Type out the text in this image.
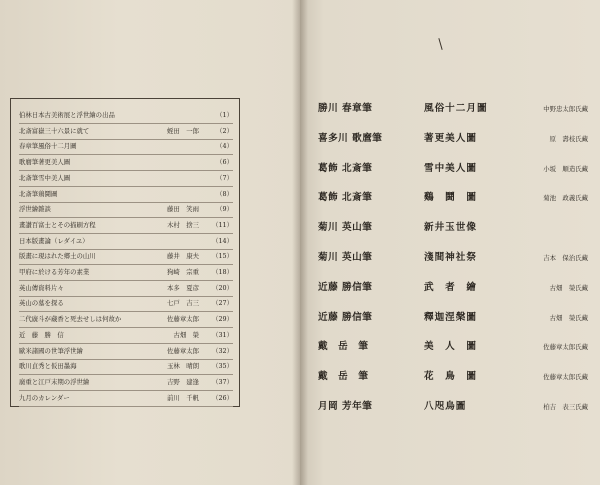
伯林日本古美術展と浮世繪の出品	（1）
北斎富嶽三十六景に就て	蛭田　一郎	（2）
春章筆風俗十二月圖	（4）
歌麿筆著更美人圖	（6）
北斎筆雪中美人圖	（7）
北斎筆鶏鬪圖	（8）
浮世繪雜談	藤田　笑雨	（9）
畫讃百富士とその描刷方程	木村　捨三 （11）
日本版畫論（レダイユ）	（14）
版畫に現はれた郷土の山川	藤井　康夫 （15）
甲府に於ける芳年の素業	狗崎　宗重 （18）
英山傳資料片々	本多　夏彦 （20）
英山の墓を探る	七戸　吉三 （27）
二代廣斗が蔵香と死去せしは何故か	佐藤章太郎 （29）
近　藤　勝　信	古畑　榮 （31）
歐米諸國の世筆浮世繪	佐藤章太郎 （32）
歌川貞秀と仮田墨海	玉林　晴朗 （35）
廣重と江戸末期の浮世繪	吉野　建逢 （37）
九月のカレンダー	前川　千帆 （26）
勝川 春章筆	風俗十二月圖	中野忠太郎氏藏
喜多川 歌麿筆	著更美人圖	原　壽枝氏藏
葛飾 北斎筆	雪中美人圖	小坂　順造氏藏
葛飾 北斎筆	鷄　鬪　圖	菊池　政義氏藏
菊川 英山筆	新井玉世像
菊川 英山筆	淺間神社祭	吉本　保治氏藏
近藤 勝信筆	武　者　繪	古畑　榮氏藏
近藤 勝信筆	釋迦涅槃圖	古畑　榮氏藏
戴　岳　筆	美　人　圖	佐藤章太郎氏藏
戴　岳　筆	花　鳥　圖	佐藤章太郎氏藏
月岡 芳年筆	八咫烏圖	柏吉　表三氏藏
